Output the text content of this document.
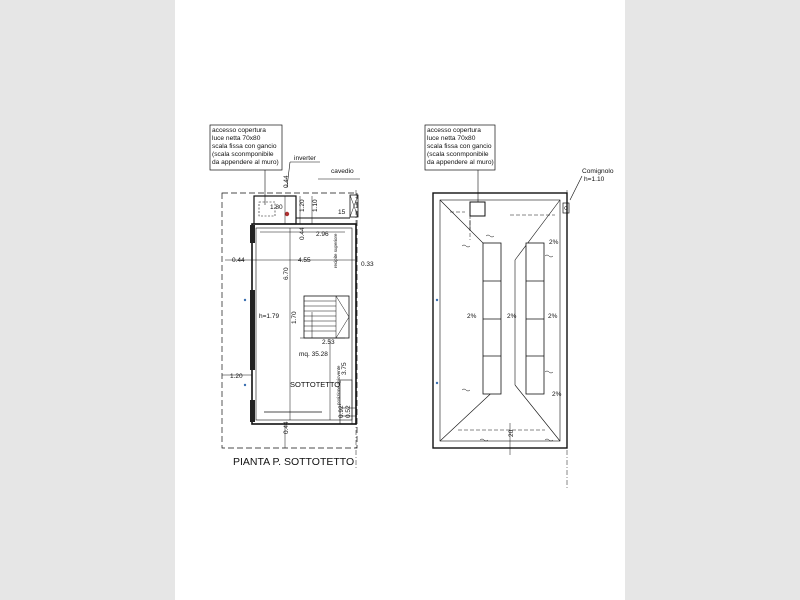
accesso copertura
luce netta 70x80
scala fissa con gancio
(scala sconmponibile
da appendere al muro)
inverter
cavedio
0.44
1.20 1.10
15
1.80
0.44 2.96
0.44	4.55
0.33
6.70
1.70
2.53
1.20
3.75
0.44
0.92 0.52
recipite superiore
posizione spiovente
h=1.79
mq. 35.28
SOTTOTETTO
PIANTA P. SOTTOTETTO
accesso copertura
luce netta 70x80
scala fissa con gancio
(scala sconmponibile
da appendere al muro)
Comignolo
h=1.10
2%
2%	2%	2%
2%
20
